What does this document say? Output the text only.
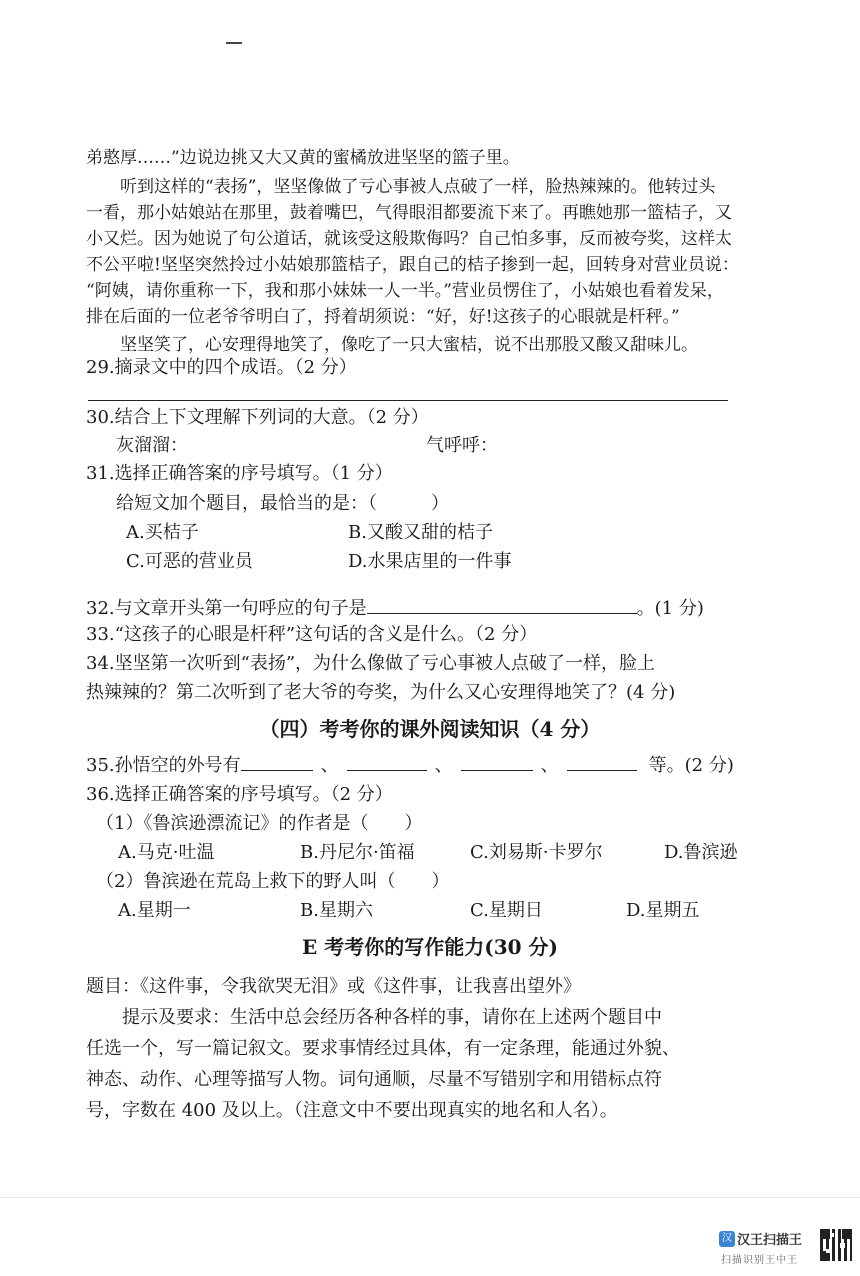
弟憨厚……”边说边挑又大又黄的蜜橘放进坚坚的篮子里。
　　听到这样的“表扬”，坚坚像做了亏心事被人点破了一样，脸热辣辣的。他转过头
一看，那小姑娘站在那里，鼓着嘴巴，气得眼泪都要流下来了。再瞧她那一篮桔子，又
小又烂。因为她说了句公道话，就该受这般欺侮吗？自己怕多事，反而被夸奖，这样太
不公平啦!坚坚突然拎过小姑娘那篮桔子，跟自己的桔子掺到一起，回转身对营业员说：
“阿姨，请你重称一下，我和那小妹妹一人一半。”营业员愣住了，小姑娘也看着发呆，
排在后面的一位老爷爷明白了，捋着胡须说：“好，好!这孩子的心眼就是杆秤。”
　　坚坚笑了，心安理得地笑了，像吃了一只大蜜桔，说不出那股又酸又甜味儿。
29.摘录文中的四个成语。（2 分）
30.结合上下文理解下列词的大意。（2 分）
灰溜溜：	气呼呼：
31.选择正确答案的序号填写。（1 分）
给短文加个题目，最恰当的是：（　　　）
A.买桔子	B.又酸又甜的桔子
C.可恶的营业员	D.水果店里的一件事
32.与文章开头第一句呼应的句子是	。(1 分)
33.“这孩子的心眼是杆秤”这句话的含义是什么。（2 分）
34.坚坚第一次听到“表扬”，为什么像做了亏心事被人点破了一样，脸上
热辣辣的？第二次听到了老大爷的夸奖，为什么又心安理得地笑了？(4 分)
（四）考考你的课外阅读知识（4 分）
35.孙悟空的外号有	、	、	、	等。(2 分)
36.选择正确答案的序号填写。（2 分）
（1）《鲁滨逊漂流记》的作者是（　　）
A.马克·吐温	B.丹尼尔·笛福	C.刘易斯·卡罗尔	D.鲁滨逊
（2）鲁滨逊在荒岛上救下的野人叫（　　）
A.星期一	B.星期六	C.星期日	D.星期五
E 考考你的写作能力(30 分)
题目：《这件事，令我欲哭无泪》或《这件事，让我喜出望外》
　　提示及要求：生活中总会经历各种各样的事，请你在上述两个题目中
任选一个，写一篇记叙文。要求事情经过具体，有一定条理，能通过外貌、
神态、动作、心理等描写人物。词句通顺，尽量不写错别字和用错标点符
号，字数在 400 及以上。（注意文中不要出现真实的地名和人名）。
汉 汉王扫描王
扫描识别王中王
